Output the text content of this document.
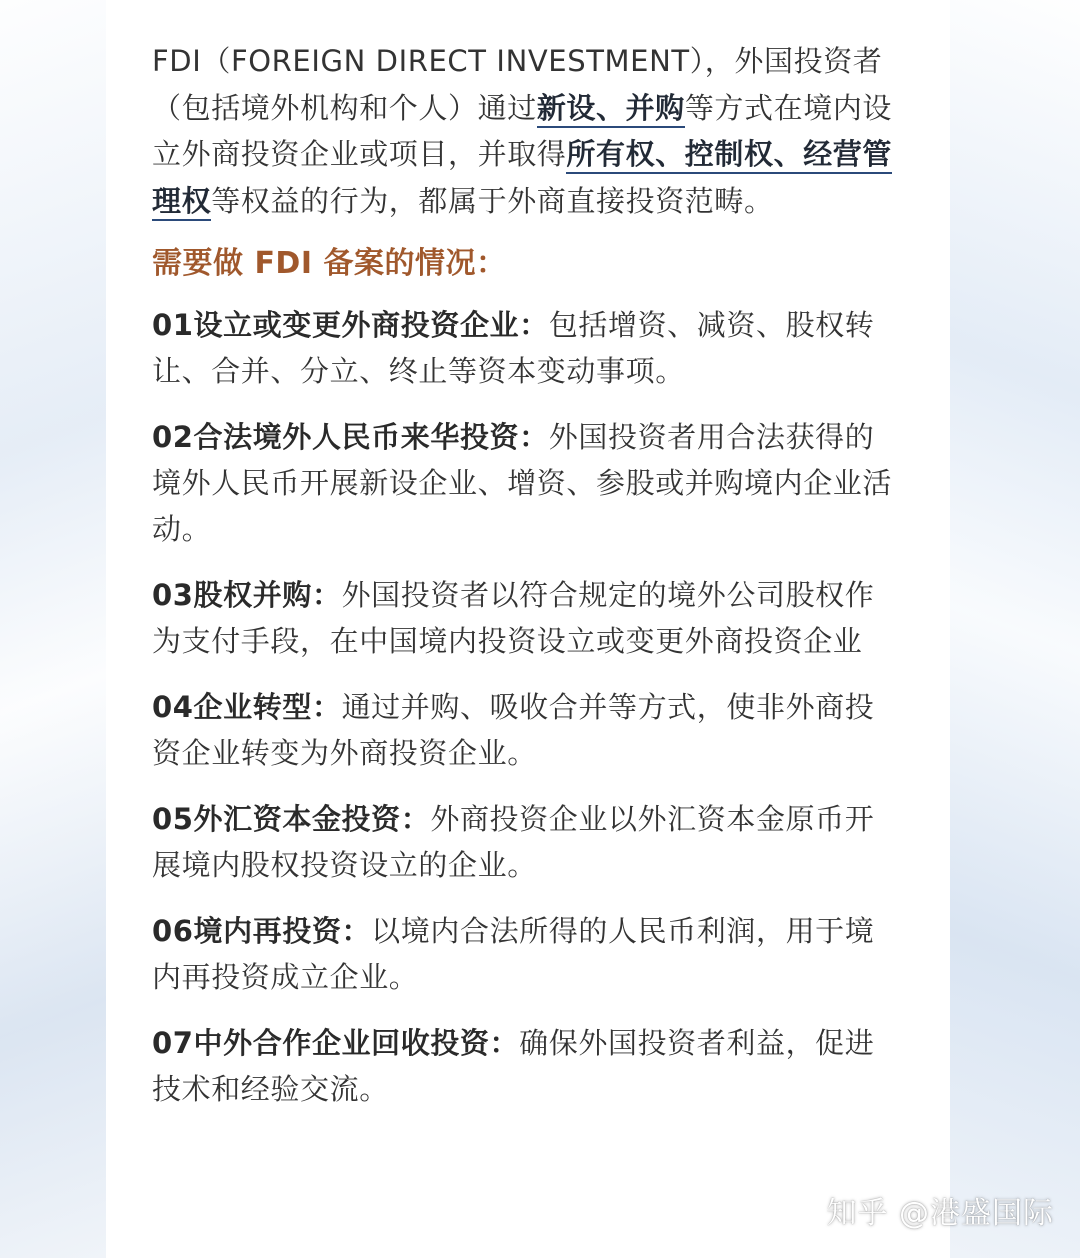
FDI（FOREIGN DIRECT INVESTMENT），外国投资者（包括境外机构和个人）通过新设、并购等方式在境内设立外商投资企业或项目，并取得所有权、控制权、经营管理权等权益的行为，都属于外商直接投资范畴。

需要做 FDI 备案的情况：

01设立或变更外商投资企业：包括增资、减资、股权转让、合并、分立、终止等资本变动事项。

02合法境外人民币来华投资：外国投资者用合法获得的境外人民币开展新设企业、增资、参股或并购境内企业活动。

03股权并购：外国投资者以符合规定的境外公司股权作为支付手段，在中国境内投资设立或变更外商投资企业

04企业转型：通过并购、吸收合并等方式，使非外商投资企业转变为外商投资企业。

05外汇资本金投资：外商投资企业以外汇资本金原币开展境内股权投资设立的企业。

06境内再投资：以境内合法所得的人民币利润，用于境内再投资成立企业。

07中外合作企业回收投资：确保外国投资者利益，促进技术和经验交流。

知乎 @港盛国际
